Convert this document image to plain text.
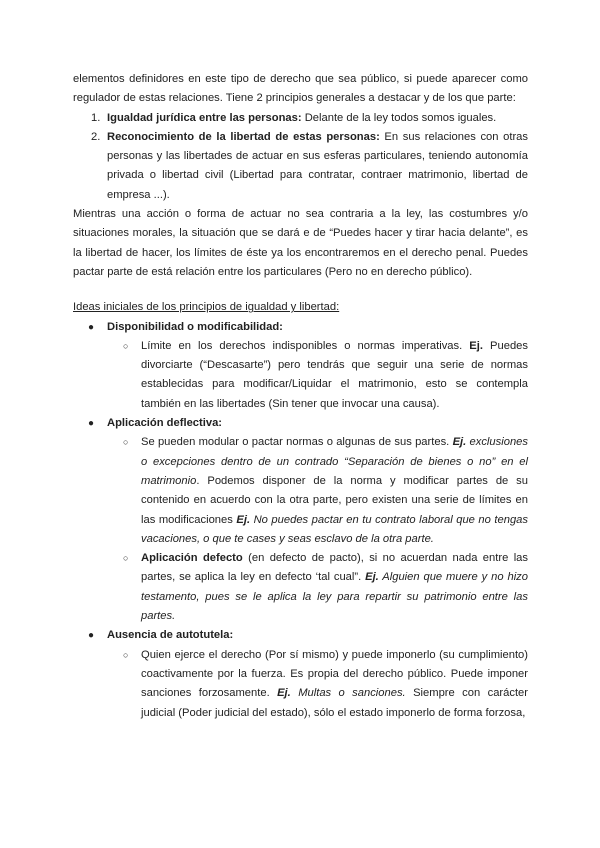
elementos definidores en este tipo de derecho que sea público, si puede aparecer como regulador de estas relaciones. Tiene 2 principios generales a destacar y de los que parte:

1. Igualdad jurídica entre las personas: Delante de la ley todos somos iguales.
2. Reconocimiento de la libertad de estas personas: En sus relaciones con otras personas y las libertades de actuar en sus esferas particulares, teniendo autonomía privada o libertad civil (Libertad para contratar, contraer matrimonio, libertad de empresa ...).

Mientras una acción o forma de actuar no sea contraria a la ley, las costumbres y/o situaciones morales, la situación que se dará e de “Puedes hacer y tirar hacia delante”, es la libertad de hacer, los límites de éste ya los encontraremos en el derecho penal. Puedes pactar parte de está relación entre los particulares (Pero no en derecho público).

Ideas iniciales de los principios de igualdad y libertad:

● Disponibilidad o modificabilidad:
○ Límite en los derechos indisponibles o normas imperativas. Ej. Puedes divorciarte (“Descasarte”) pero tendrás que seguir una serie de normas establecidas para modificar/Liquidar el matrimonio, esto se contempla también en las libertades (Sin tener que invocar una causa).
● Aplicación deflectiva:
○ Se pueden modular o pactar normas o algunas de sus partes. Ej. exclusiones o excepciones dentro de un contrado “Separación de bienes o no” en el matrimonio. Podemos disponer de la norma y modificar partes de su contenido en acuerdo con la otra parte, pero existen una serie de límites en las modificaciones Ej. No puedes pactar en tu contrato laboral que no tengas vacaciones, o que te cases y seas esclavo de la otra parte.
○ Aplicación defecto (en defecto de pacto), si no acuerdan nada entre las partes, se aplica la ley en defecto ‘tal cual”. Ej. Alguien que muere y no hizo testamento, pues se le aplica la ley para repartir su patrimonio entre las partes.
● Ausencia de autotutela:
○ Quien ejerce el derecho (Por sí mismo) y puede imponerlo (su cumplimiento) coactivamente por la fuerza. Es propia del derecho público. Puede imponer sanciones forzosamente. Ej. Multas o sanciones. Siempre con carácter judicial (Poder judicial del estado), sólo el estado imponerlo de forma forzosa,
